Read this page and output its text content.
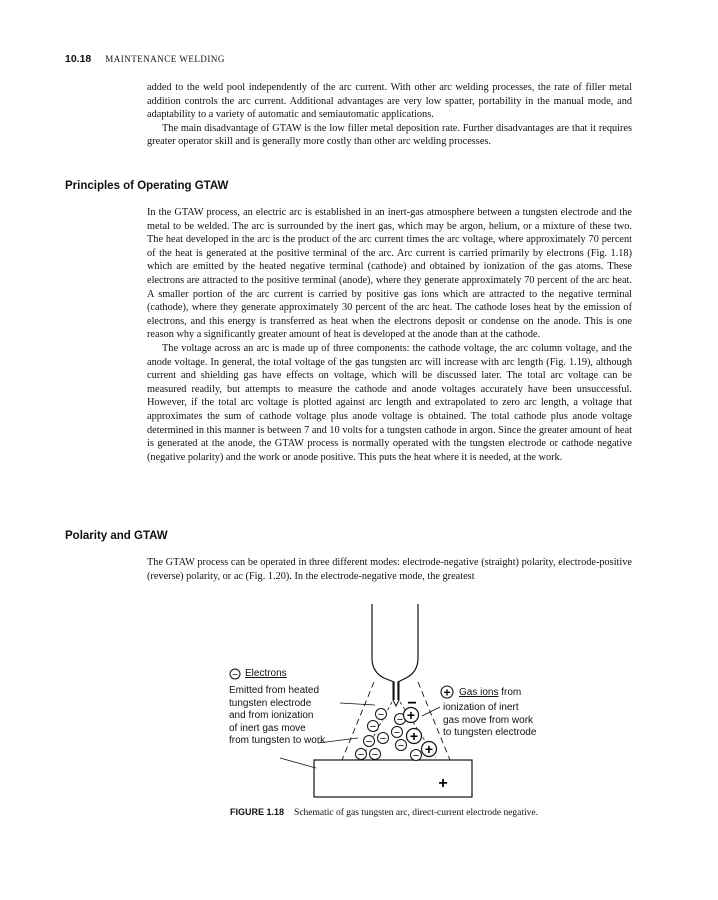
10.18 MAINTENANCE WELDING

added to the weld pool independently of the arc current. With other arc welding processes, the rate of filler metal addition controls the arc current. Additional advantages are very low spatter, portability in the manual mode, and adaptability to a variety of automatic and semiautomatic applications.

The main disadvantage of GTAW is the low filler metal deposition rate. Further disadvantages are that it requires greater operator skill and is generally more costly than other arc welding processes.

Principles of Operating GTAW

In the GTAW process, an electric arc is established in an inert-gas atmosphere between a tungsten electrode and the metal to be welded. The arc is surrounded by the inert gas, which may be argon, helium, or a mixture of these two. The heat developed in the arc is the product of the arc current times the arc voltage, where approximately 70 percent of the heat is generated at the positive terminal of the arc. Arc current is carried primarily by electrons (Fig. 1.18) which are emitted by the heated negative terminal (cathode) and obtained by ionization of the gas atoms. These electrons are attracted to the positive terminal (anode), where they generate approximately 70 percent of the arc heat. A smaller portion of the arc current is carried by positive gas ions which are attracted to the negative terminal (cathode), where they generate approximately 30 percent of the arc heat. The cathode loses heat by the emission of electrons, and this energy is transferred as heat when the electrons deposit or condense on the anode. This is one reason why a significantly greater amount of heat is developed at the anode than at the cathode.

The voltage across an arc is made up of three components: the cathode voltage, the arc column voltage, and the anode voltage. In general, the total voltage of the gas tungsten arc will increase with arc length (Fig. 1.19), although current and shielding gas have effects on voltage, which will be discussed later. The total arc voltage can be measured readily, but attempts to measure the cathode and anode voltages accurately have been unsuccessful. However, if the total arc voltage is plotted against arc length and extrapolated to zero arc length, a voltage that approximates the sum of cathode voltage plus anode voltage is obtained. The total cathode plus anode voltage determined in this manner is between 7 and 10 volts for a tungsten cathode in argon. Since the greater amount of heat is generated at the anode, the GTAW process is normally operated with the tungsten electrode or cathode negative (negative polarity) and the work or anode positive. This puts the heat where it is needed, at the work.

Polarity and GTAW

The GTAW process can be operated in three different modes: electrode-negative (straight) polarity, electrode-positive (reverse) polarity, or ac (Fig. 1.20). In the electrode-negative mode, the greatest

−
−
−
− − −
−
− −	−
+
+
+
−
+
−
+
Electrons
Emitted from heated
tungsten electrode
and from ionization
of inert gas move
from tungsten to work
Gas ions from
ionization of inert
gas move from work
to tungsten electrode
FIGURE 1.18 Schematic of gas tungsten arc, direct-current electrode negative.
